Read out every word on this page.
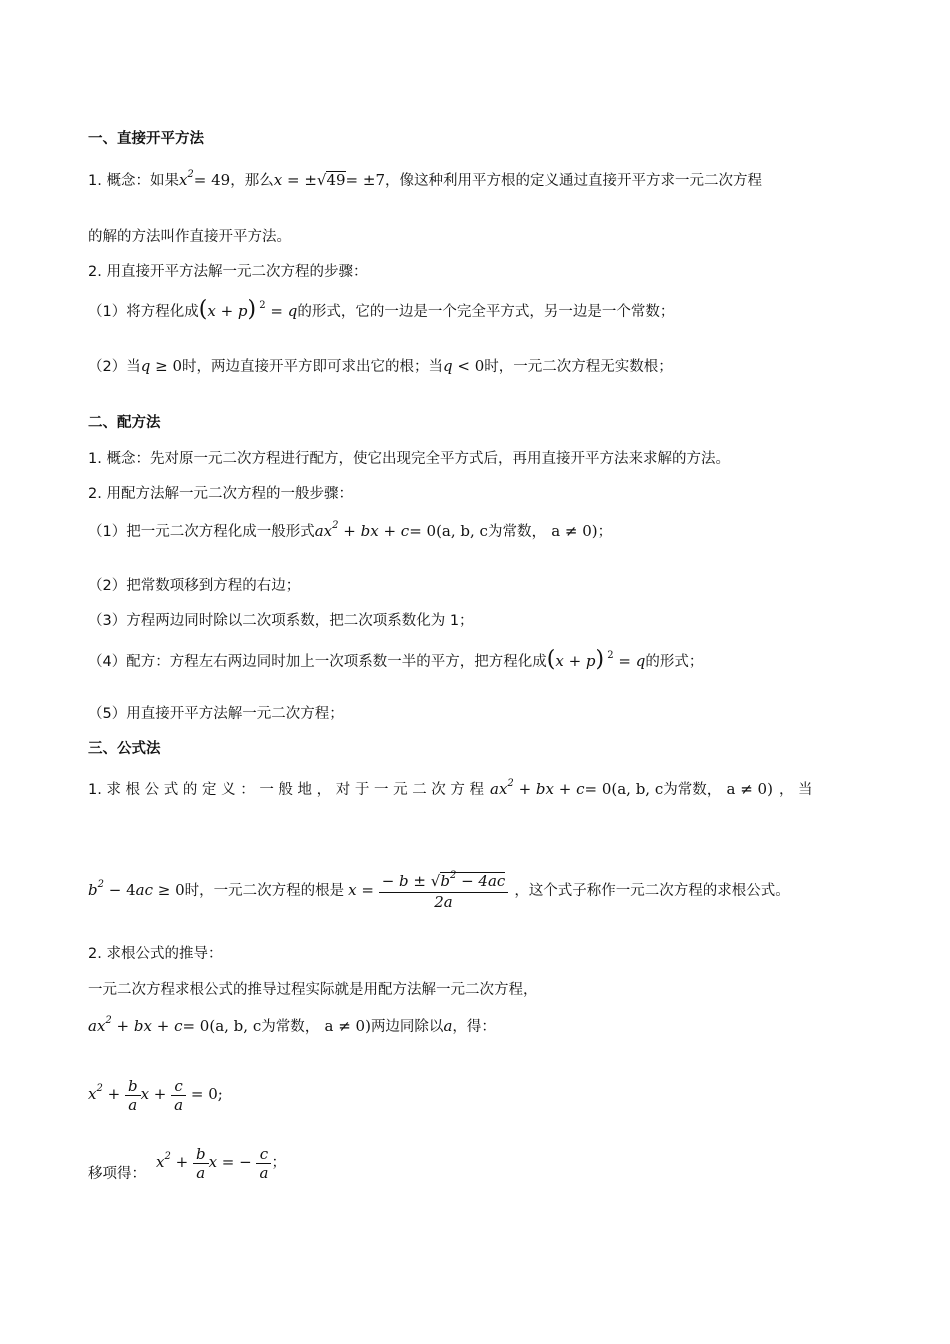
一、直接开平方法
1. 概念：如果$x^2= 49$，那么x = ±√49= ±7，像这种利用平方根的定义通过直接开平方求一元二次方程
的解的方法叫作直接开平方法。
2. 用直接开平方法解一元二次方程的步骤：
（1）将方程化成(x + p) $^2$ = q的形式，它的一边是一个完全平方式，另一边是一个常数；
（2）当q ≥ 0时，两边直接开平方即可求出它的根；当q < 0时，一元二次方程无实数根；
二、配方法
1. 概念：先对原一元二次方程进行配方，使它出现完全平方式后，再用直接开平方法来求解的方法。
2. 用配方法解一元二次方程的一般步骤：
（1）把一元二次方程化成一般形式$ax^2$ + bx + c= 0(a, b, c为常数， a ≠ 0)；
（2）把常数项移到方程的右边；
（3）方程两边同时除以二次项系数，把二次项系数化为 1；
（4）配方：方程左右两边同时加上一次项系数一半的平方，把方程化成(x + p) $^2$ = q的形式；
（5）用直接开平方法解一元二次方程；
三、公式法
1. 求 根 公 式 的 定 义 ： 一 般 地 ， 对 于 一 元 二 次 方 程 $ax^2$ + bx + c= 0(a, b, c为常数， a ≠ 0) ， 当
$b^2 - 4ac \ge 0$时，一元二次方程的根是 $x = \frac{- b \pm √b^2 - 4ac}{2a}$ ，这个式子称作一元二次方程的求根公式。
2. 求根公式的推导：
一元二次方程求根公式的推导过程实际就是用配方法解一元二次方程，
$ax^2$ + bx + c= 0(a, b, c为常数， a ≠ 0)两边同除以a，得：
$x^2 + \frac{b}{a}$ $x + \frac{c}{a} = 0$;
$x^2 + \frac{b}{a}$ x = − $\frac{c}{a}$ ；
移项得：
